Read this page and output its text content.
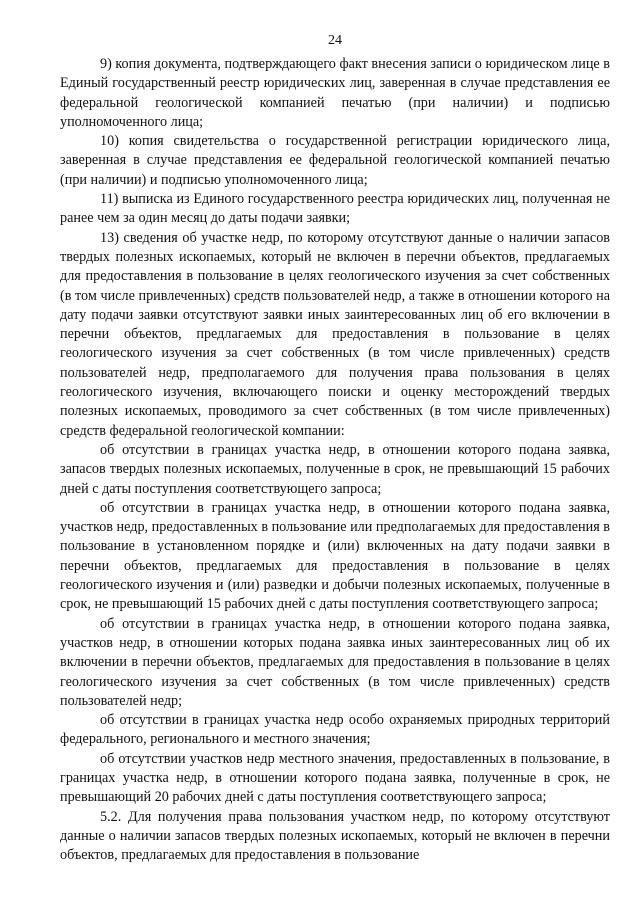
24

9) копия документа, подтверждающего факт внесения записи о юридическом лице в Единый государственный реестр юридических лиц, заверенная в случае представления ее федеральной геологической компанией печатью (при наличии) и подписью уполномоченного лица;

10) копия свидетельства о государственной регистрации юридического лица, заверенная в случае представления ее федеральной геологической компанией печатью (при наличии) и подписью уполномоченного лица;

11) выписка из Единого государственного реестра юридических лиц, полученная не ранее чем за один месяц до даты подачи заявки;

13) сведения об участке недр, по которому отсутствуют данные о наличии запасов твердых полезных ископаемых, который не включен в перечни объектов, предлагаемых для предоставления в пользование в целях геологического изучения за счет собственных (в том числе привлеченных) средств пользователей недр, а также в отношении которого на дату подачи заявки отсутствуют заявки иных заинтересованных лиц об его включении в перечни объектов, предлагаемых для предоставления в пользование в целях геологического изучения за счет собственных (в том числе привлеченных) средств пользователей недр, предполагаемого для получения права пользования в целях геологического изучения, включающего поиски и оценку месторождений твердых полезных ископаемых, проводимого за счет собственных (в том числе привлеченных) средств федеральной геологической компании:

об отсутствии в границах участка недр, в отношении которого подана заявка, запасов твердых полезных ископаемых, полученные в срок, не превышающий 15 рабочих дней с даты поступления соответствующего запроса;

об отсутствии в границах участка недр, в отношении которого подана заявка, участков недр, предоставленных в пользование или предполагаемых для предоставления в пользование в установленном порядке и (или) включенных на дату подачи заявки в перечни объектов, предлагаемых для предоставления в пользование в целях геологического изучения и (или) разведки и добычи полезных ископаемых, полученные в срок, не превышающий 15 рабочих дней с даты поступления соответствующего запроса;

об отсутствии в границах участка недр, в отношении которого подана заявка, участков недр, в отношении которых подана заявка иных заинтересованных лиц об их включении в перечни объектов, предлагаемых для предоставления в пользование в целях геологического изучения за счет собственных (в том числе привлеченных) средств пользователей недр;

об отсутствии в границах участка недр особо охраняемых природных территорий федерального, регионального и местного значения;

об отсутствии участков недр местного значения, предоставленных в пользование, в границах участка недр, в отношении которого подана заявка, полученные в срок, не превышающий 20 рабочих дней с даты поступления соответствующего запроса;

5.2. Для получения права пользования участком недр, по которому отсутствуют данные о наличии запасов твердых полезных ископаемых, который не включен в перечни объектов, предлагаемых для предоставления в пользование
